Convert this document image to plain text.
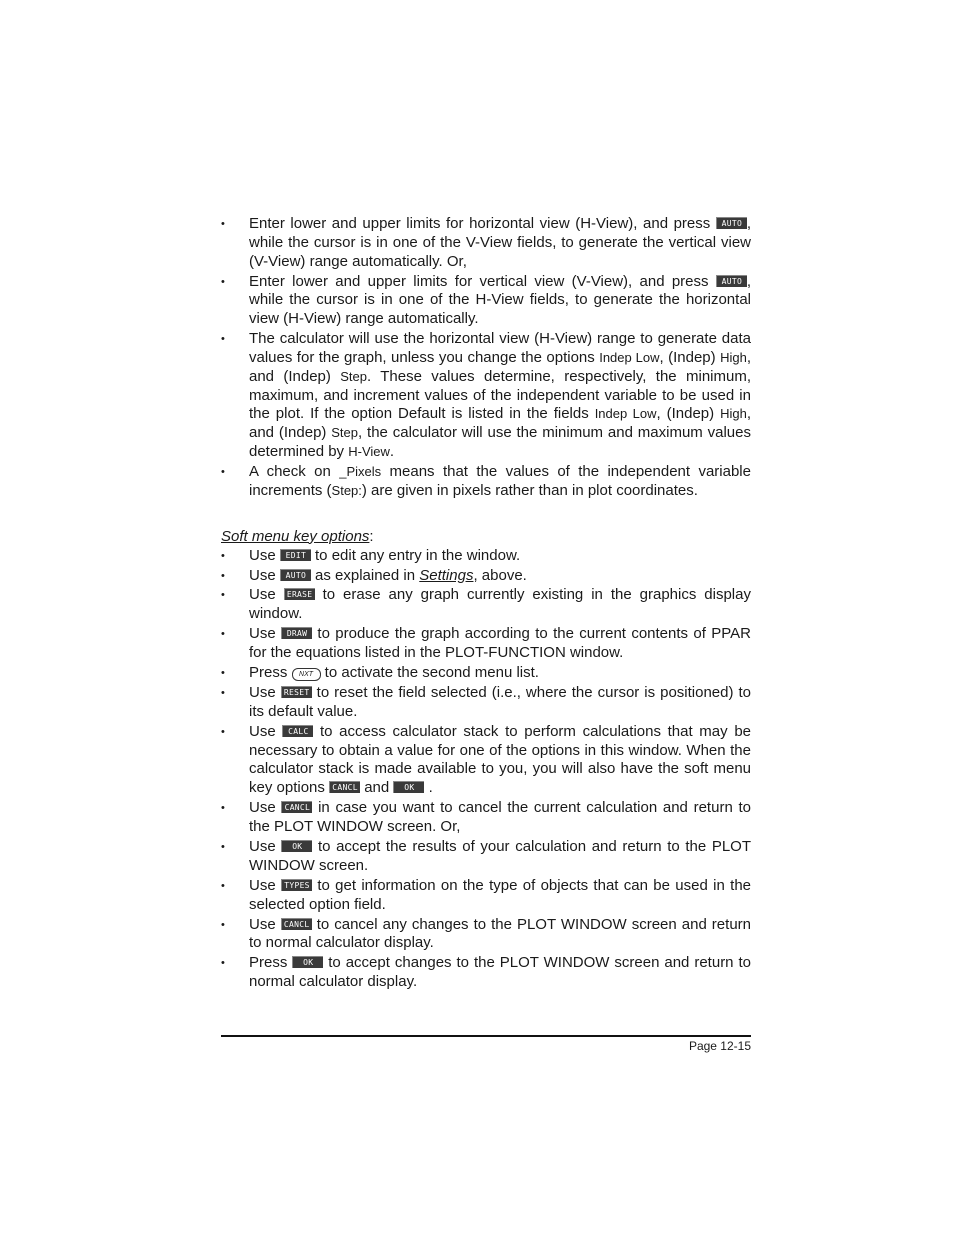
• Enter lower and upper limits for horizontal view (H-View), and press AUTO , while the cursor is in one of the V-View fields, to generate the vertical view (V-View) range automatically. Or,
• Enter lower and upper limits for vertical view (V-View), and press AUTO , while the cursor is in one of the H-View fields, to generate the horizontal view (H-View) range automatically.
• The calculator will use the horizontal view (H-View) range to generate data values for the graph, unless you change the options Indep Low, (Indep) High, and (Indep) Step. These values determine, respectively, the minimum, maximum, and increment values of the independent variable to be used in the plot. If the option Default is listed in the fields Indep Low, (Indep) High, and (Indep) Step, the calculator will use the minimum and maximum values determined by H-View.
• A check on _Pixels means that the values of the independent variable increments (Step:) are given in pixels rather than in plot coordinates.
Soft menu key options:
• Use EDIT to edit any entry in the window.
• Use AUTO as explained in Settings, above.
• Use ERASE to erase any graph currently existing in the graphics display window.
• Use DRAW to produce the graph according to the current contents of PPAR for the equations listed in the PLOT-FUNCTION window.
• Press NXT to activate the second menu list.
• Use RESET to reset the field selected (i.e., where the cursor is positioned) to its default value.
• Use CALC to access calculator stack to perform calculations that may be necessary to obtain a value for one of the options in this window. When the calculator stack is made available to you, you will also have the soft menu key options CANCL and OK .
• Use CANCL in case you want to cancel the current calculation and return to the PLOT WINDOW screen. Or,
• Use OK to accept the results of your calculation and return to the PLOT WINDOW screen.
• Use TYPES to get information on the type of objects that can be used in the selected option field.
• Use CANCL to cancel any changes to the PLOT WINDOW screen and return to normal calculator display.
• Press OK to accept changes to the PLOT WINDOW screen and return to normal calculator display.
Page 12-15
